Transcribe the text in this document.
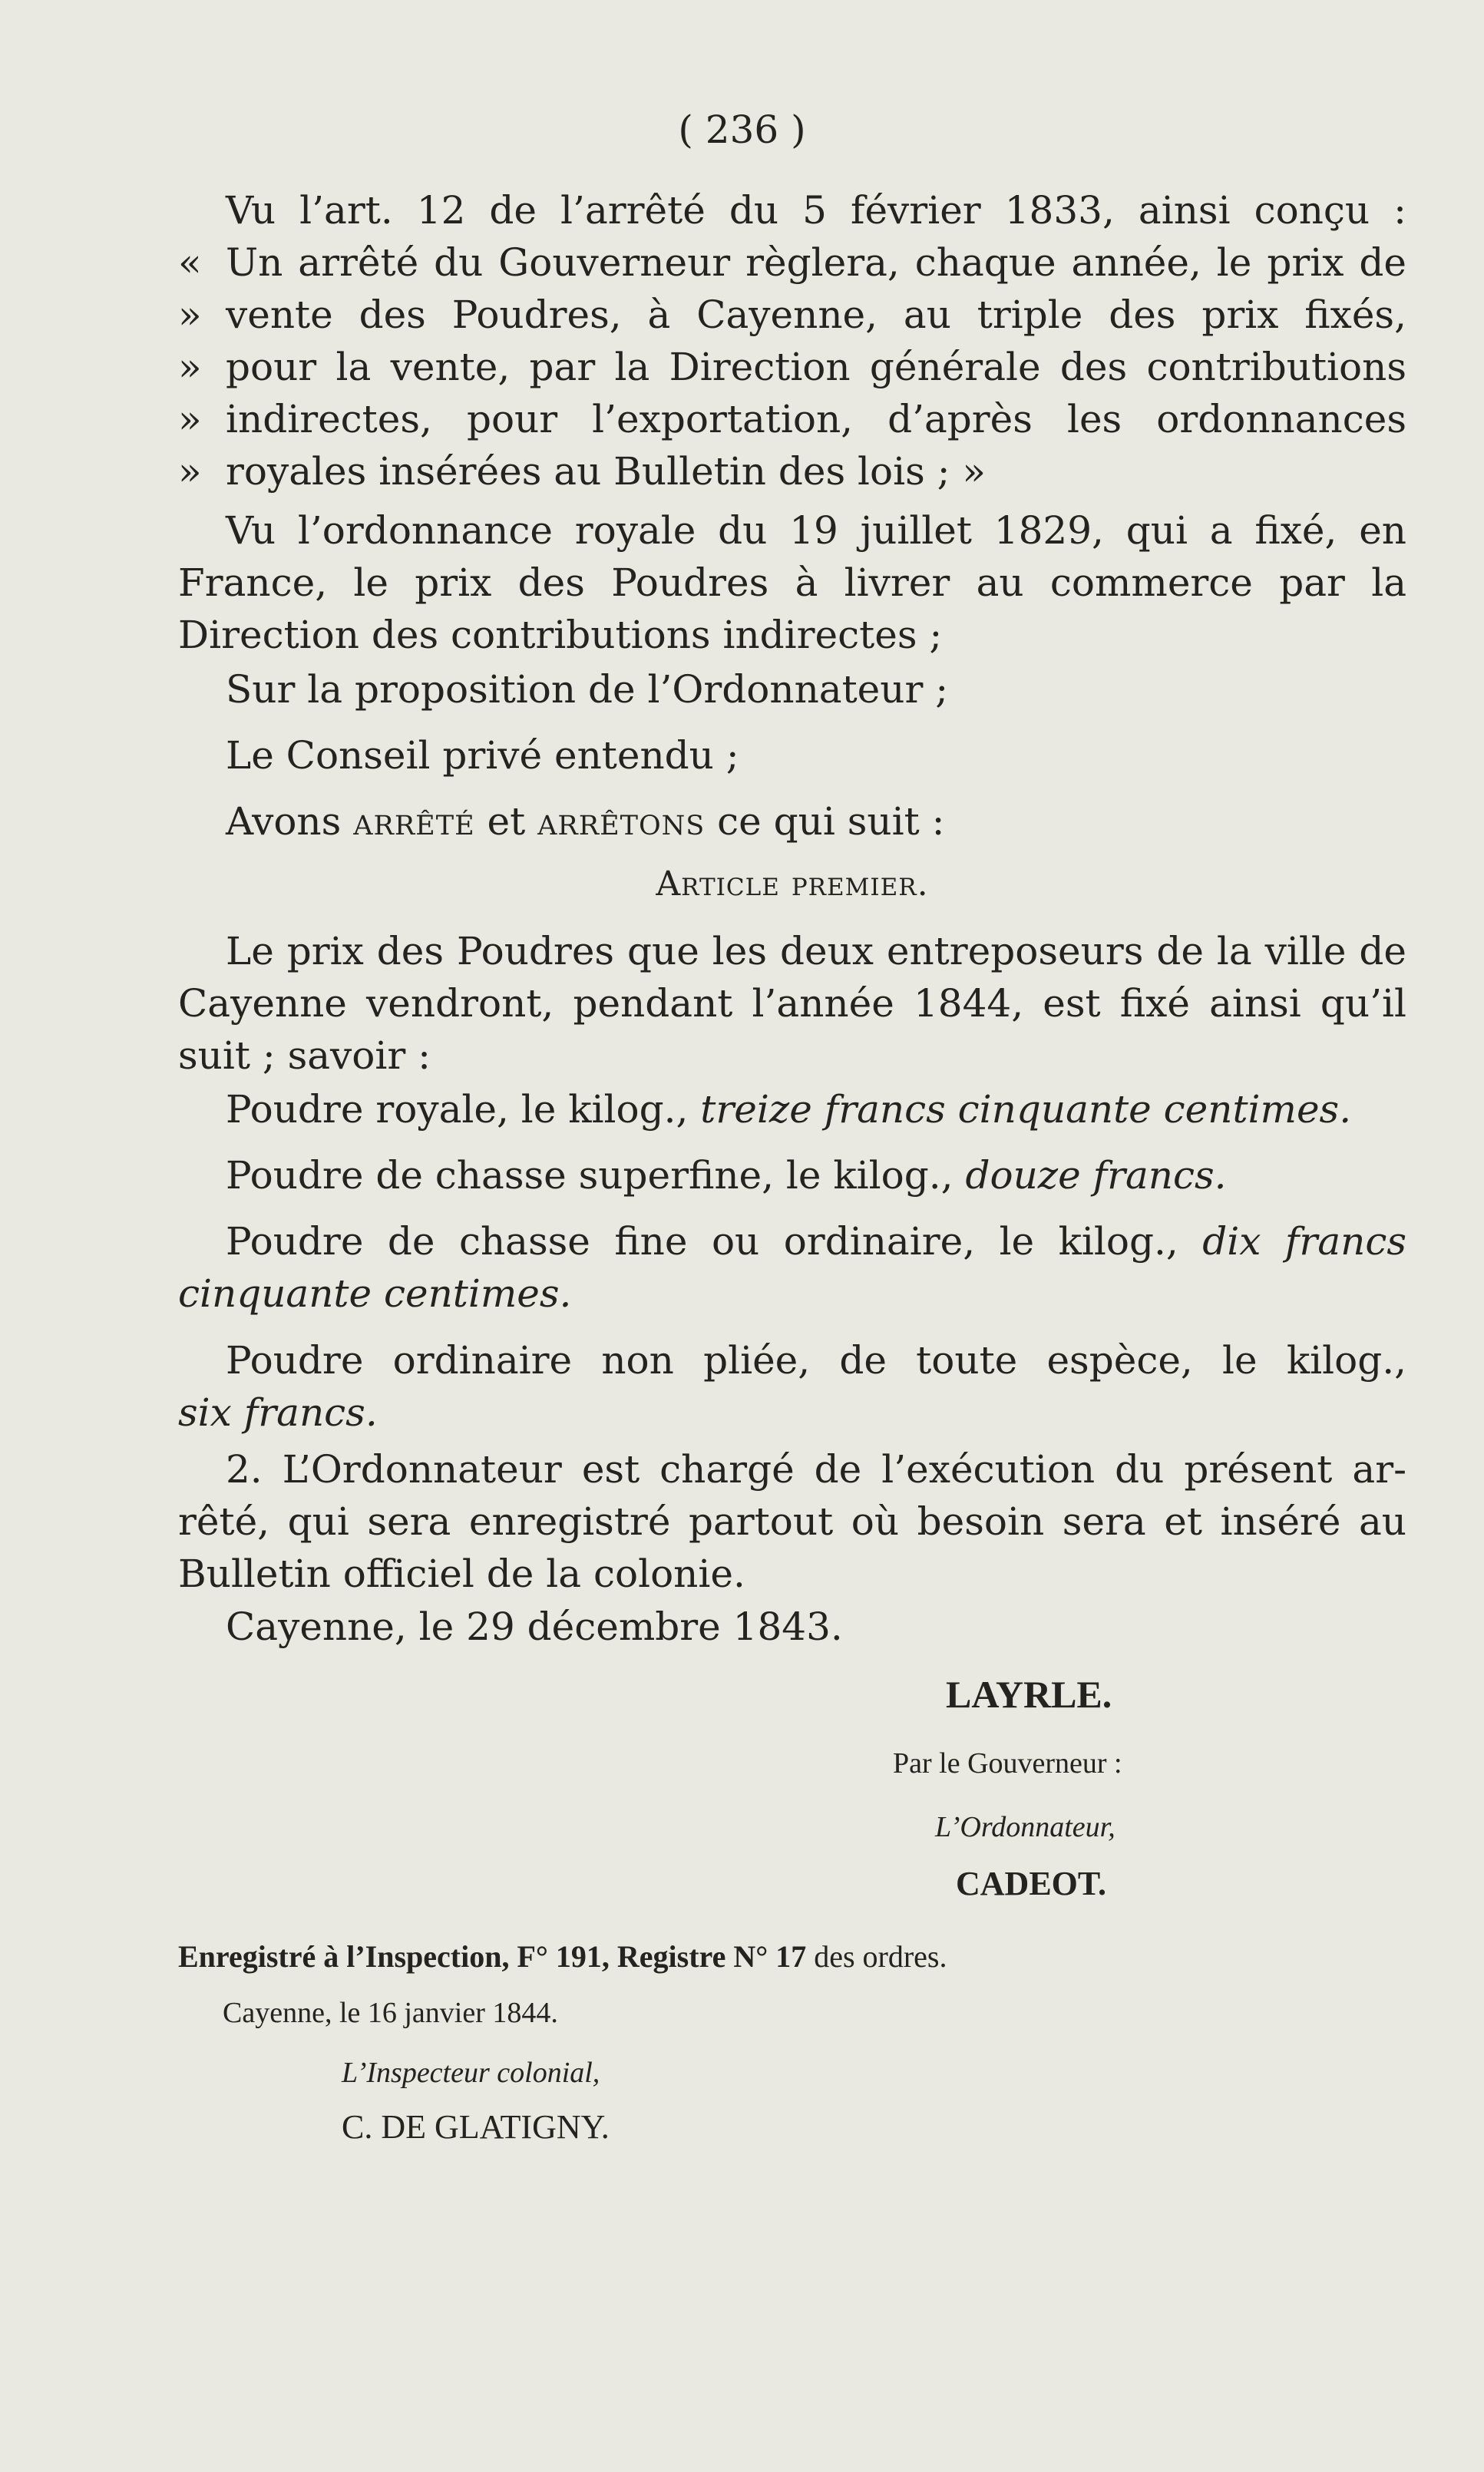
( 236 )
Vu l’art. 12 de l’arrêté du 5 février 1833, ainsi conçu :
« Un arrêté du Gouverneur règlera, chaque année, le prix de
» vente des Poudres, à Cayenne, au triple des prix fixés,
» pour la vente, par la Direction générale des contributions
» indirectes, pour l’exportation, d’après les ordonnances
» royales insérées au Bulletin des lois ; »
Vu l’ordonnance royale du 19 juillet 1829, qui a fixé, en
France, le prix des Poudres à livrer au commerce par la
Direction des contributions indirectes ;
Sur la proposition de l’Ordonnateur ;
Le Conseil privé entendu ;
Avons arrêté et arrêtons ce qui suit :
Article premier.
Le prix des Poudres que les deux entreposeurs de la ville de
Cayenne vendront, pendant l’année 1844, est fixé ainsi qu’il
suit ; savoir :
Poudre royale, le kilog., treize francs cinquante centimes.
Poudre de chasse superfine, le kilog., douze francs.
Poudre de chasse fine ou ordinaire, le kilog., dix francs
cinquante centimes.
Poudre ordinaire non pliée, de toute espèce, le kilog.,
six francs.
2. L’Ordonnateur est chargé de l’exécution du présent ar-
rêté, qui sera enregistré partout où besoin sera et inséré au
Bulletin officiel de la colonie.
Cayenne, le 29 décembre 1843.
LAYRLE.
Par le Gouverneur :
L’Ordonnateur,
CADEOT.
Enregistré à l’Inspection, F° 191, Registre N° 17 des ordres.
Cayenne, le 16 janvier 1844.
L’Inspecteur colonial,
C. DE GLATIGNY.
